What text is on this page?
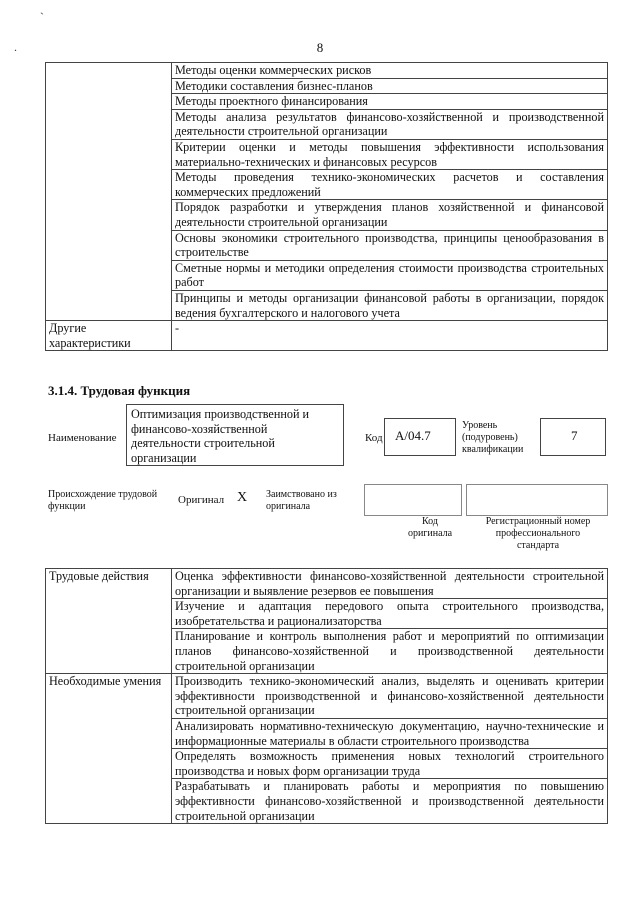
`
.	8
	Методы оценки коммерческих рисков
	Методики составления бизнес-планов
	Методы проектного финансирования
	Методы анализа результатов финансово-хозяйственной и производственной деятельности строительной организации
	Критерии оценки и методы повышения эффективности использования материально-технических и финансовых ресурсов
	Методы проведения технико-экономических расчетов и составления коммерческих предложений
	Порядок разработки и утверждения планов хозяйственной и финансовой деятельности строительной организации
	Основы экономики строительного производства, принципы ценообразования в строительстве
	Сметные нормы и методики определения стоимости производства строительных работ
	Принципы и методы организации финансовой работы в организации, порядок ведения бухгалтерского и налогового учета
Другие характеристики	-
3.1.4. Трудовая функция
Наименование
Оптимизация производственной и финансово-хозяйственной деятельности строительной организации
Код A/04.7
Уровень (подуровень) квалификации
7
Происхождение трудовой функции
Оригинал X Заимствовано из оригинала
Код оригинала
Регистрационный номер профессионального стандарта
Трудовые действия	Оценка эффективности финансово-хозяйственной деятельности строительной организации и выявление резервов ее повышения
	Изучение и адаптация передового опыта строительного производства, изобретательства и рационализаторства
	Планирование и контроль выполнения работ и мероприятий по оптимизации планов финансово-хозяйственной и производственной деятельности строительной организации
Необходимые умения	Производить технико-экономический анализ, выделять и оценивать критерии эффективности производственной и финансово-хозяйственной деятельности строительной организации
	Анализировать нормативно-техническую документацию, научно-технические и информационные материалы в области строительного производства
	Определять возможность применения новых технологий строительного производства и новых форм организации труда
	Разрабатывать и планировать работы и мероприятия по повышению эффективности финансово-хозяйственной и производственной деятельности строительной организации
